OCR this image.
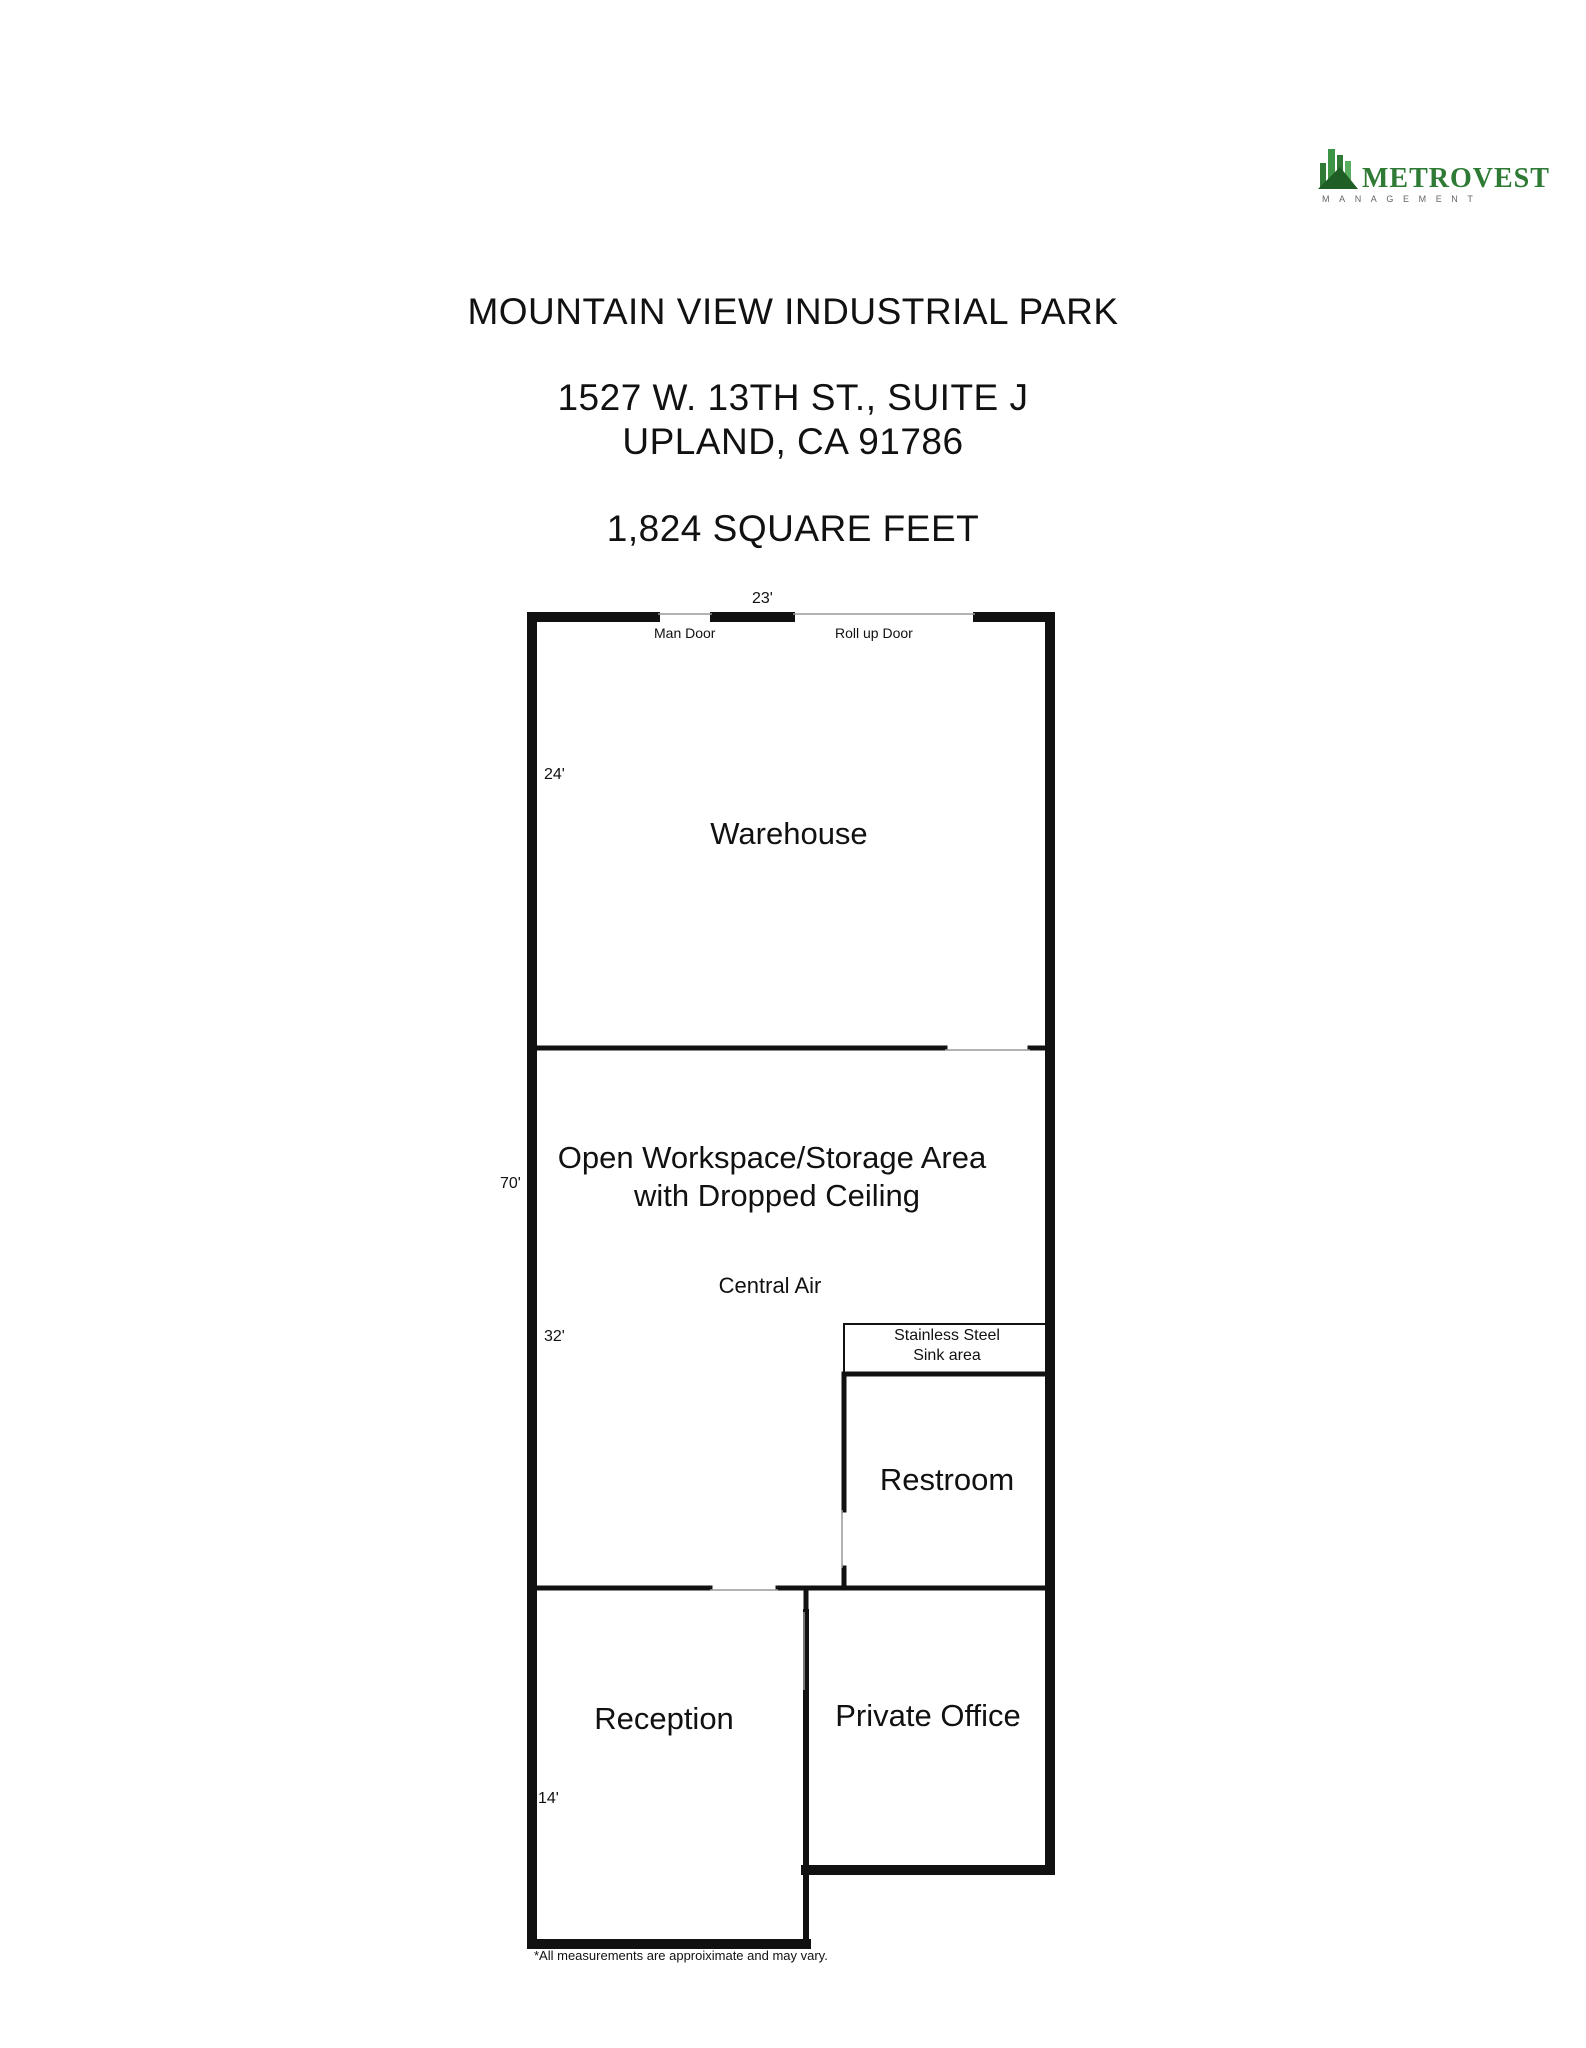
METROVEST
MANAGEMENT
MOUNTAIN VIEW INDUSTRIAL PARK
1527 W. 13TH ST., SUITE J
UPLAND, CA 91786
1,824 SQUARE FEET
23'
70'
24'
32'
14'
Man Door	Roll up Door
Warehouse
Open Workspace/Storage Area
with Dropped Ceiling
Central Air
Stainless Steel
Sink area
Restroom
Reception	Private Office
*All measurements are approiximate and may vary.
